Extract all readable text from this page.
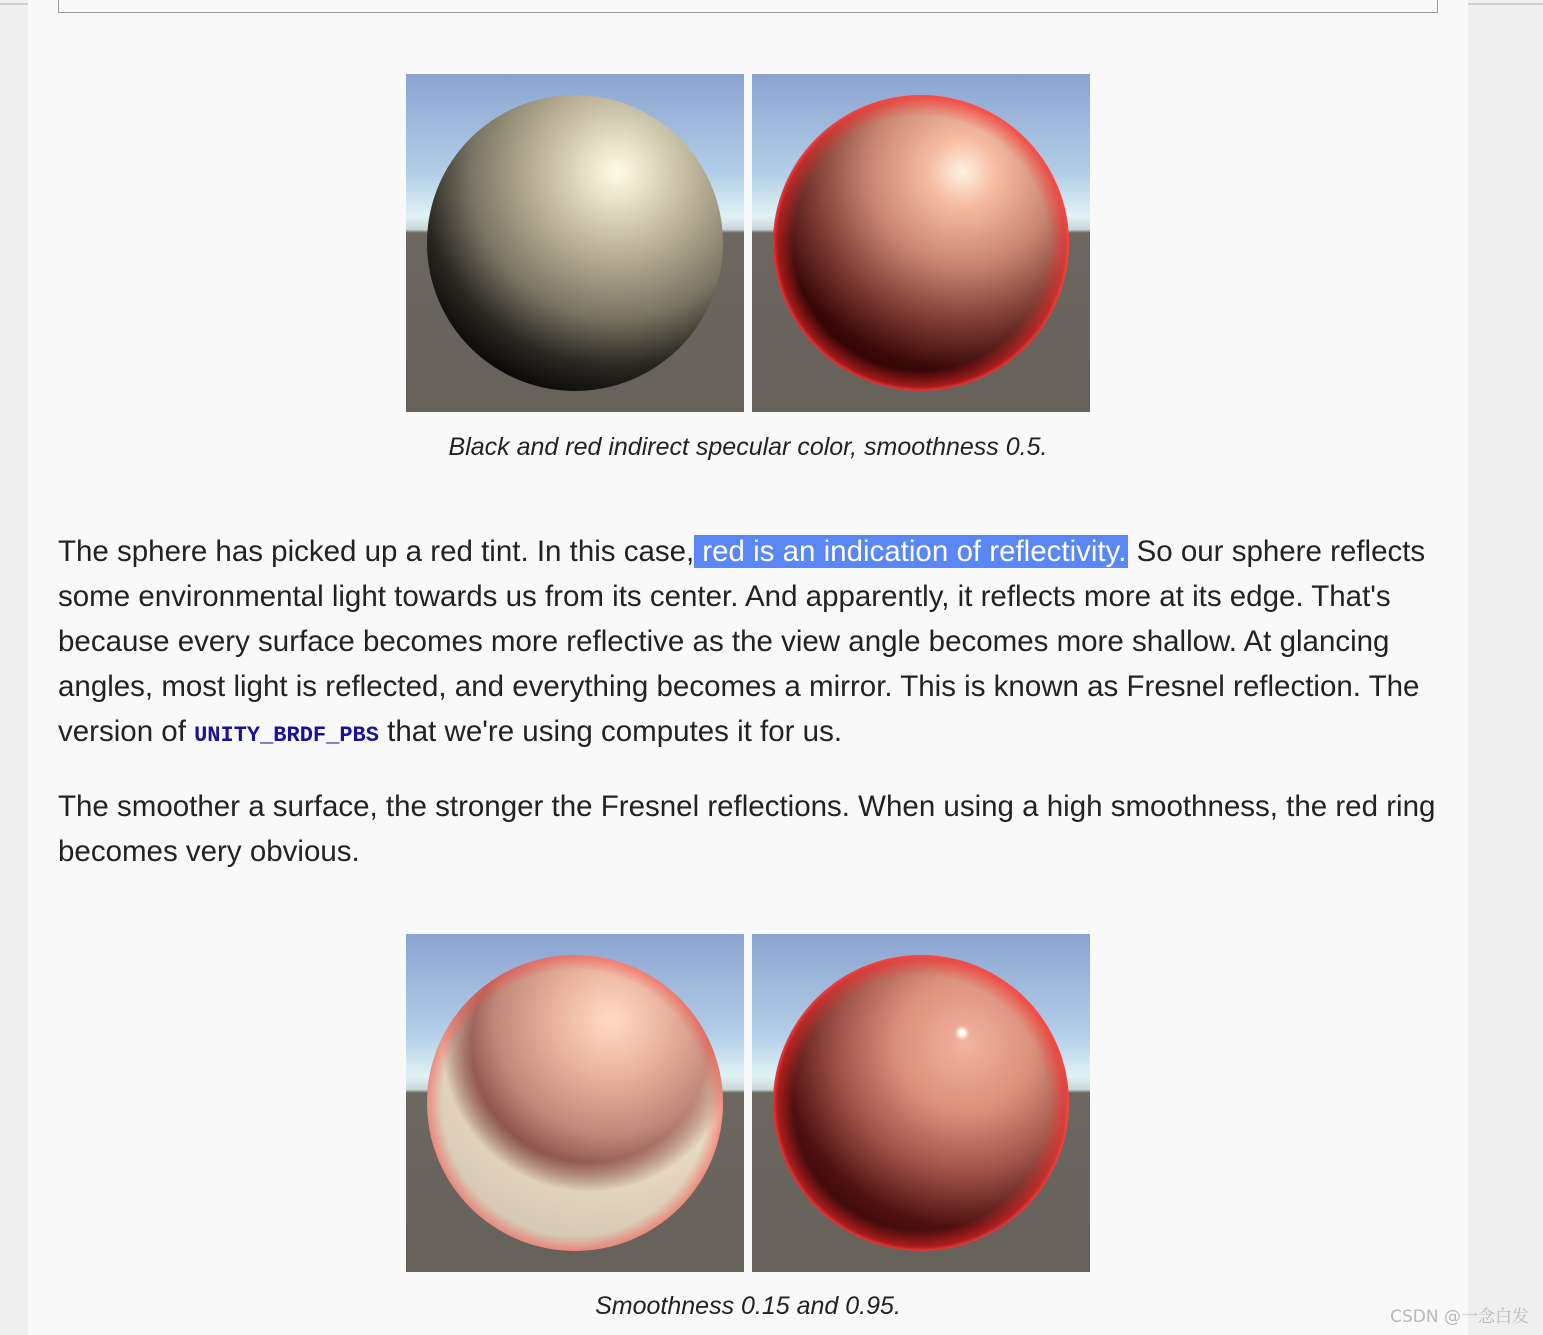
Black and red indirect specular color, smoothness 0.5.

The sphere has picked up a red tint. In this case, red is an indication of reflectivity. So our sphere reflects some environmental light towards us from its center. And apparently, it reflects more at its edge. That's because every surface becomes more reflective as the view angle becomes more shallow. At glancing angles, most light is reflected, and everything becomes a mirror. This is known as Fresnel reflection. The version of UNITY_BRDF_PBS that we're using computes it for us.

The smoother a surface, the stronger the Fresnel reflections. When using a high smoothness, the red ring becomes very obvious.

Smoothness 0.15 and 0.95.	CSDN @一念白发
